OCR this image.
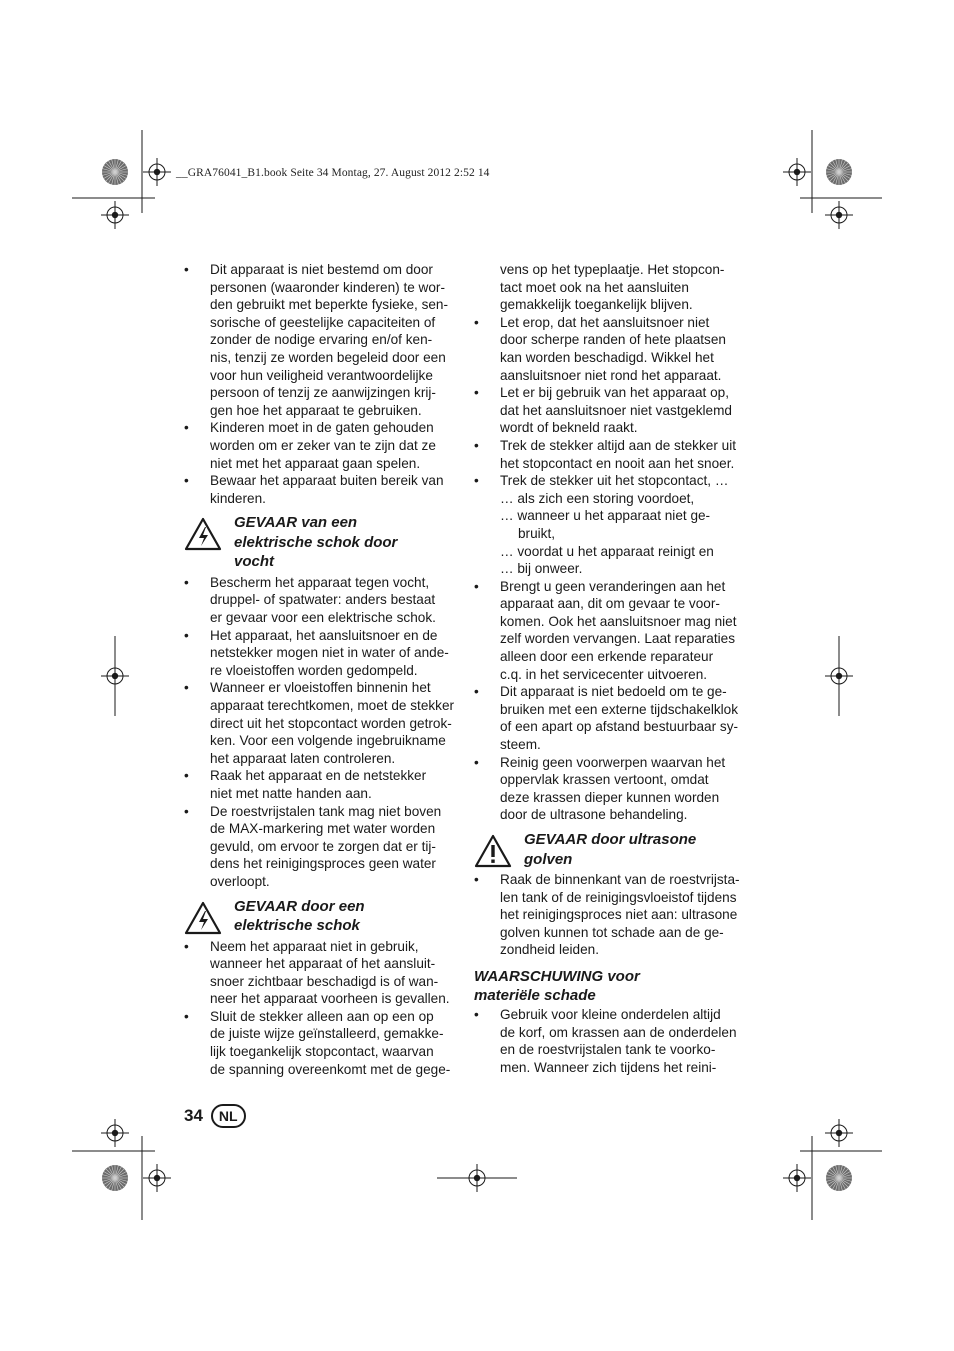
__GRA76041_B1.book Seite 34 Montag, 27. August 2012 2:52 14
• Dit apparaat is niet bestemd om door
personen (waaronder kinderen) te wor-
den gebruikt met beperkte fysieke, sen-
sorische of geestelijke capaciteiten of
zonder de nodige ervaring en/of ken-
nis, tenzij ze worden begeleid door een
voor hun veiligheid verantwoordelijke
persoon of tenzij ze aanwijzingen krij-
gen hoe het apparaat te gebruiken.
• Kinderen moet in de gaten gehouden
worden om er zeker van te zijn dat ze
niet met het apparaat gaan spelen.
• Bewaar het apparaat buiten bereik van
kinderen.
GEVAAR van een
elektrische schok door
vocht
• Bescherm het apparaat tegen vocht,
druppel- of spatwater: anders bestaat
er gevaar voor een elektrische schok.
• Het apparaat, het aansluitsnoer en de
netstekker mogen niet in water of ande-
re vloeistoffen worden gedompeld.
• Wanneer er vloeistoffen binnenin het
apparaat terechtkomen, moet de stekker
direct uit het stopcontact worden getrok-
ken. Voor een volgende ingebruikname
het apparaat laten controleren.
• Raak het apparaat en de netstekker
niet met natte handen aan.
• De roestvrijstalen tank mag niet boven
de MAX-markering met water worden
gevuld, om ervoor te zorgen dat er tij-
dens het reinigingsproces geen water
overloopt.
GEVAAR door een
elektrische schok
• Neem het apparaat niet in gebruik,
wanneer het apparaat of het aansluit-
snoer zichtbaar beschadigd is of wan-
neer het apparaat voorheen is gevallen.
• Sluit de stekker alleen aan op een op
de juiste wijze geïnstalleerd, gemakke-
lijk toegankelijk stopcontact, waarvan
de spanning overeenkomt met de gege-
vens op het typeplaatje. Het stopcon-
tact moet ook na het aansluiten
gemakkelijk toegankelijk blijven.
• Let erop, dat het aansluitsnoer niet
door scherpe randen of hete plaatsen
kan worden beschadigd. Wikkel het
aansluitsnoer niet rond het apparaat.
• Let er bij gebruik van het apparaat op,
dat het aansluitsnoer niet vastgeklemd
wordt of bekneld raakt.
• Trek de stekker altijd aan de stekker uit
het stopcontact en nooit aan het snoer.
• Trek de stekker uit het stopcontact, …
… als zich een storing voordoet,
… wanneer u het apparaat niet ge-
bruikt,
… voordat u het apparaat reinigt en
… bij onweer.
• Brengt u geen veranderingen aan het
apparaat aan, dit om gevaar te voor-
komen. Ook het aansluitsnoer mag niet
zelf worden vervangen. Laat reparaties
alleen door een erkende reparateur
c.q. in het servicecenter uitvoeren.
• Dit apparaat is niet bedoeld om te ge-
bruiken met een externe tijdschakelklok
of een apart op afstand bestuurbaar sy-
steem.
• Reinig geen voorwerpen waarvan het
oppervlak krassen vertoont, omdat
deze krassen dieper kunnen worden
door de ultrasone behandeling.
GEVAAR door ultrasone
golven
• Raak de binnenkant van de roestvrijsta-
len tank of de reinigingsvloeistof tijdens
het reinigingsproces niet aan: ultrasone
golven kunnen tot schade aan de ge-
zondheid leiden.
WAARSCHUWING voor
materiële schade
• Gebruik voor kleine onderdelen altijd
de korf, om krassen aan de onderdelen
en de roestvrijstalen tank te voorko-
men. Wanneer zich tijdens het reini-
34	NL
